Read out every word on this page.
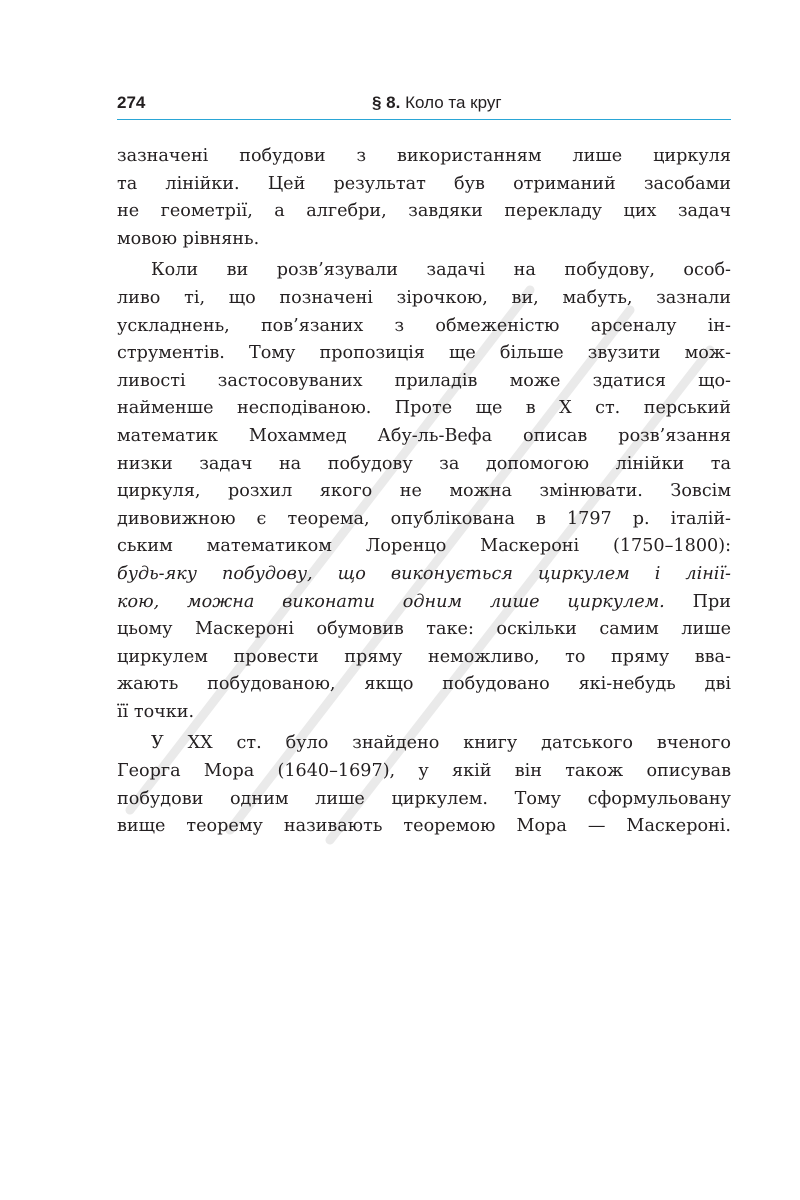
274	§ 8. Коло та круг
зазначені побудови з використанням лише циркуля
та лінійки. Цей результат був отриманий засобами
не геометрії, а алгебри, завдяки перекладу цих задач
мовою рівнянь.
Коли ви розв’язували задачі на побудову, особ-
ливо ті, що позначені зірочкою, ви, мабуть, зазнали
ускладнень, пов’язаних з обмеженістю арсеналу ін-
струментів. Тому пропозиція ще більше звузити мож-
ливості застосовуваних приладів може здатися що-
найменше несподіваною. Проте ще в Х ст. перський
математик Мохаммед Абу-ль-Вефа описав розв’язання
низки задач на побудову за допомогою лінійки та
циркуля, розхил якого не можна змінювати. Зовсім
дивовижною є теорема, опублікована в 1797 р. італій-
ським математиком Лоренцо Маскероні (1750–1800):
будь-яку побудову, що виконується циркулем і лінії-
кою, можна виконати одним лише циркулем. При
цьому Маскероні обумовив таке: оскільки самим лише
циркулем провести пряму неможливо, то пряму вва-
жають побудованою, якщо побудовано які-небудь дві
її точки.
У ХХ ст. було знайдено книгу датського вченого
Георга Мора (1640–1697), у якій він також описував
побудови одним лише циркулем. Тому сформульовану
вище теорему називають теоремою Мора — Маскероні.
